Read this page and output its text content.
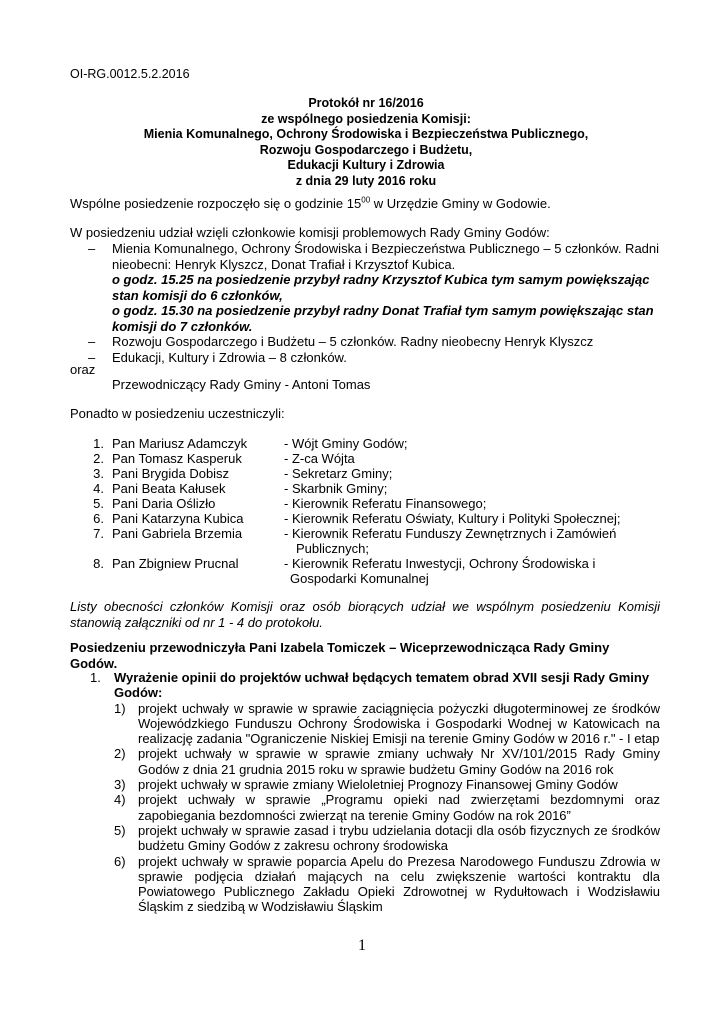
OI-RG.0012.5.2.2016
Protokół nr 16/2016
ze wspólnego posiedzenia Komisji:
Mienia Komunalnego, Ochrony Środowiska i Bezpieczeństwa Publicznego,
Rozwoju Gospodarczego i Budżetu,
Edukacji Kultury i Zdrowia
z dnia 29 luty 2016 roku
Wspólne posiedzenie rozpoczęło się o godzinie $15^{00}$ w Urzędzie Gminy w Godowie.
W posiedzeniu udział wzięli członkowie komisji problemowych Rady Gminy Godów:
– Mienia Komunalnego, Ochrony Środowiska i Bezpieczeństwa Publicznego – 5 członków. Radni nieobecni: Henryk Klyszcz, Donat Trafiał i Krzysztof Kubica.
o godz. 15.25 na posiedzenie przybył radny Krzysztof Kubica tym samym powiększając stan komisji do 6 członków,
o godz. 15.30 na posiedzenie przybył radny Donat Trafiał tym samym powiększając stan komisji do 7 członków.
– Rozwoju Gospodarczego i Budżetu – 5 członków. Radny nieobecny Henryk Klyszcz
– Edukacji, Kultury i Zdrowia – 8 członków.
oraz
Przewodniczący Rady Gminy - Antoni Tomas
Ponadto w posiedzeniu uczestniczyli:
1. Pan Mariusz Adamczyk	- Wójt Gminy Godów;
2. Pan Tomasz Kasperuk	- Z-ca Wójta
3. Pani Brygida Dobisz	- Sekretarz Gminy;
4. Pani Beata Kałusek	- Skarbnik Gminy;
5. Pani Daria Oślizło	- Kierownik Referatu Finansowego;
6. Pani Katarzyna Kubica	- Kierownik Referatu Oświaty, Kultury i Polityki Społecznej;
7. Pani Gabriela Brzemia	- Kierownik Referatu Funduszy Zewnętrznych i Zamówień
Publicznych;
8. Pan Zbigniew Prucnal	- Kierownik Referatu Inwestycji, Ochrony Środowiska i
Gospodarki Komunalnej
Listy obecności członków Komisji oraz osób biorących udział we wspólnym posiedzeniu Komisji stanowią załączniki od nr 1 - 4 do protokołu.
Posiedzeniu przewodniczyła Pani Izabela Tomiczek – Wiceprzewodnicząca Rady Gminy Godów.
1. Wyrażenie opinii do projektów uchwał będących tematem obrad XVII sesji Rady Gminy Godów:
1) projekt uchwały w sprawie w sprawie zaciągnięcia pożyczki długoterminowej ze środków Wojewódzkiego Funduszu Ochrony Środowiska i Gospodarki Wodnej w Katowicach na realizację zadania "Ograniczenie Niskiej Emisji na terenie Gminy Godów w 2016 r." - I etap
2) projekt uchwały w sprawie w sprawie zmiany uchwały Nr XV/101/2015 Rady Gminy Godów z dnia 21 grudnia 2015 roku w sprawie budżetu Gminy Godów na 2016 rok
3) projekt uchwały w sprawie zmiany Wieloletniej Prognozy Finansowej Gminy Godów
4) projekt uchwały w sprawie „Programu opieki nad zwierzętami bezdomnymi oraz zapobiegania bezdomności zwierząt na terenie Gminy Godów na rok 2016”
5) projekt uchwały w sprawie zasad i trybu udzielania dotacji dla osób fizycznych ze środków budżetu Gminy Godów z zakresu ochrony środowiska
6) projekt uchwały w sprawie poparcia Apelu do Prezesa Narodowego Funduszu Zdrowia w sprawie podjęcia działań mających na celu zwiększenie wartości kontraktu dla Powiatowego Publicznego Zakładu Opieki Zdrowotnej w Rydułtowach i Wodzisławiu Śląskim z siedzibą w Wodzisławiu Śląskim
1
